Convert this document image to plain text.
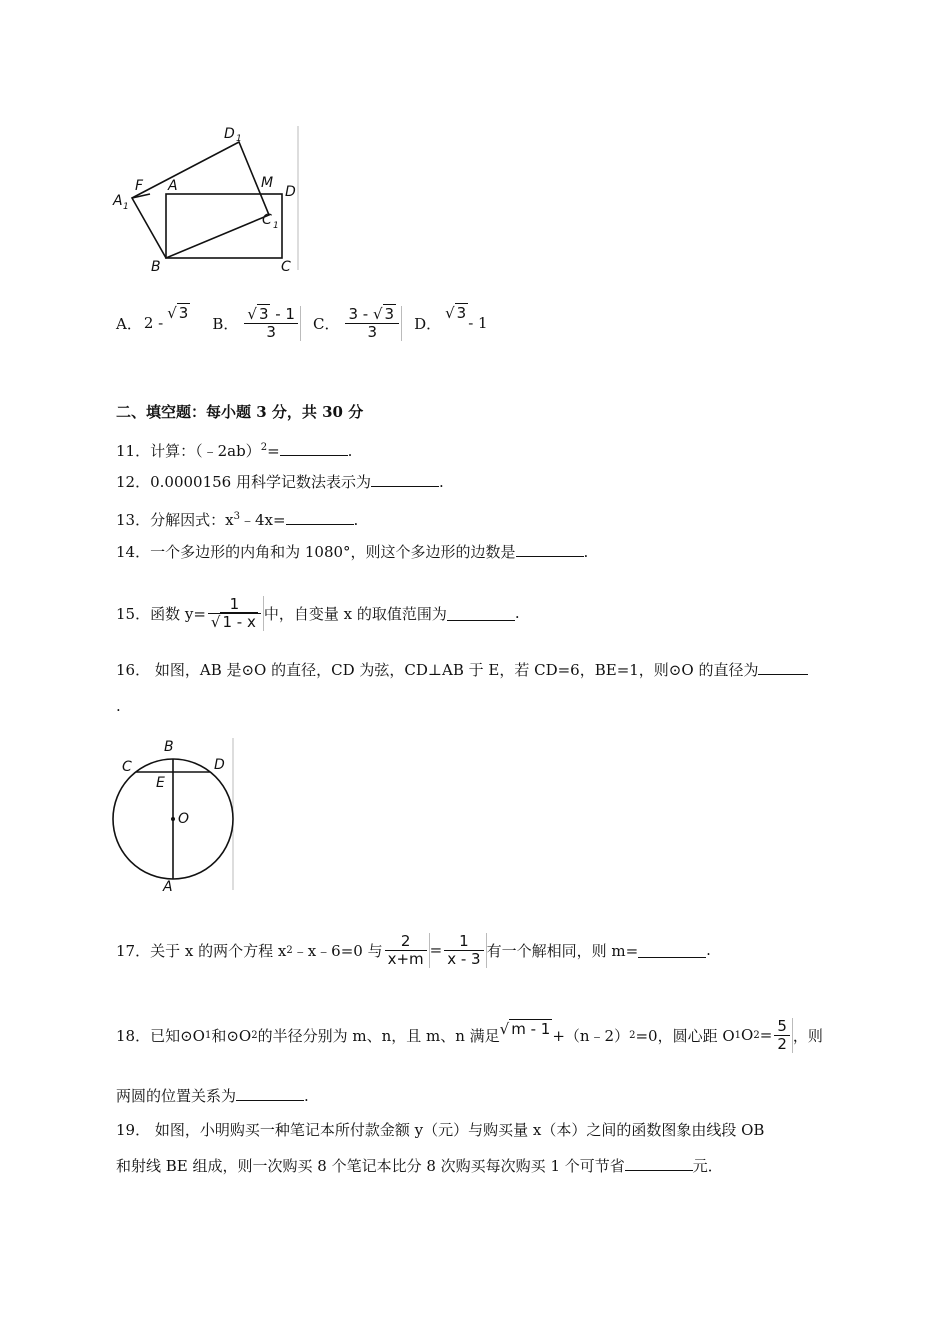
D 1
F A	M
D
A 1
C 1
B	C
A． 2 -
√ 3
B． $\frac{√ 3 - 1}{3}$ C． $\frac{3 - √ 3}{3}$ D．
√ 3
- 1
二、填空题：每小题 3 分，共 30 分
11．计算：（﹣2ab）$^2$=	.
12．0.0000156 用科学记数法表示为	.
13．分解因式：$x^3﹣4x=$	.
14．一个多边形的内角和为 1080°，则这个多边形的边数是	.
15．函数 $y= \frac{1}{√ 1 - x}$ 中，自变量 x 的取值范围为	.
16． 如图，AB 是⊙O 的直径，CD 为弦，CD⊥AB 于 E，若 CD=6，BE=1，则⊙O 的直径为
.
B
C	D
E
O
A
17．关于 x 的两个方程 x 2 ﹣x﹣6=0 与 $\frac{2}{x+m} = \frac{1}{x - 3}$ 有一个解相同，则 m=	.
18．已知⊙O 1 和⊙O 2 的半径分别为 m、n，且 m、n 满足 √ m - 1 +（n﹣2） 2 =0，圆心距 O 1 O $2 = \frac{5}{2}$ ，则
两圆的位置关系为	.
19． 如图，小明购买一种笔记本所付款金额 y（元）与购买量 x（本）之间的函数图象由线段 OB
和射线 BE 组成，则一次购买 8 个笔记本比分 8 次购买每次购买 1 个可节省	元．
